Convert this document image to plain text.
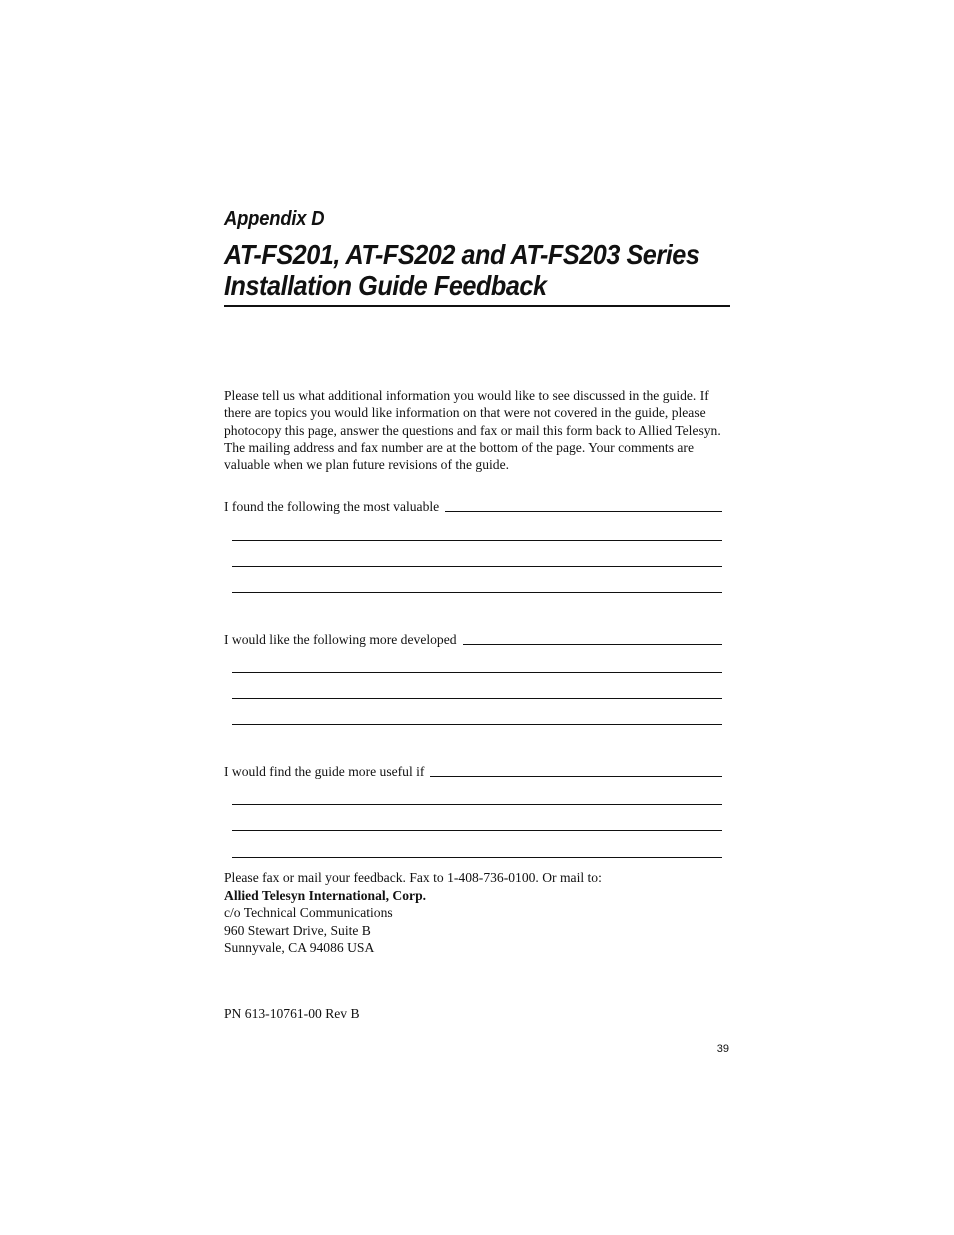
Appendix D
AT-FS201, AT-FS202 and AT-FS203 Series
Installation Guide Feedback

Please tell us what additional information you would like to see discussed in the guide. If there are topics you would like information on that were not covered in the guide, please photocopy this page, answer the questions and fax or mail this form back to Allied Telesyn. The mailing address and fax number are at the bottom of the page. Your comments are valuable when we plan future revisions of the guide.

I found the following the most valuable
I would like the following more developed
I would find the guide more useful if
Please fax or mail your feedback. Fax to 1-408-736-0100. Or mail to:
Allied Telesyn International, Corp.
c/o Technical Communications
960 Stewart Drive, Suite B
Sunnyvale, CA 94086 USA
PN 613-10761-00 Rev B
39
